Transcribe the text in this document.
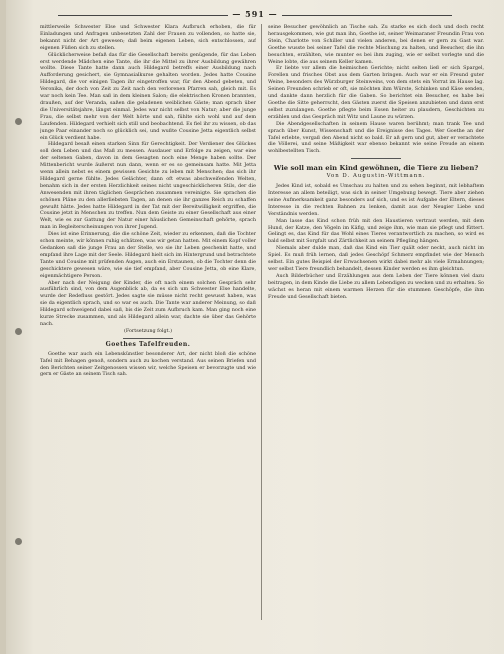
— 591 —

mittlerweile Schwester Else und Schwester Klara Aufbruch erhoben, die für Einladungen und Anfragen unbesetzten Zahl der Frauen zu vollenden, so hatte sie, bekannt nicht der Art gewesen; daß beim eigenen Leben, sich entschlossen, auf eigenen Füßen sich zu stellen.

Glücklicherweise befaß das für die Gesellschaft bereits genügende, für das Leben erst werdende Mädchen eine Tante, die ihr die Mittel zu ihrer Ausbildung gewähren wollte. Diese Tante hatte dann auch Hildegard betreffs einer Ausbildung nach Aufforderung gesichert, sie Gymnasialkurse gehalten worden. Jedes hatte Cousine Hildegard, die vor einigen Tagen ihr eingetroffen war, für den Abend gebeten, und Veronika, der doch von Zeit zu Zeit nach den verlorenen Pfarren sah, gleich mit. Es war noch kein Tee. Man saß in dem kleinen Salon; die elektrischen Kronen brannten, draußen, auf der Veranda, saßen die geladenen weiblichen Gäste; man sprach über die Universitätsjahre, längst einmal. Jedes war nicht selbst von Natur; aber die junge Frau, die selbst mehr von der Welt hörte und sah, fühlte sich wohl und auf dem Laufenden. Hildegard verhielt sich still und beobachtend. Es fiel ihr zu wissen, ob das junge Paar einander noch so glücklich sei, und wußte Cousine Jetta eigentlich selbst ein Glück verdient habe.

Hildegard besaß einen starken Sinn für Gerechtigkeit. Der Verdiener des Glückes soll dem Leben und das Maß zu messen. Ausdauer und Erfolge zu zeigen, war eine der seltenen Gaben, davon in dem Gesagten noch eine Menge haben sollte. Der Mittenbericht wurde äußerst nun dann, wenn er es so gemeinsam hatte. Mit Jetta wenn allein nebst es einem gewissen Gesichte zu leben mit Menschen; das sich ihr Hildegard gerne fühlte. Jedes Gelächter, dann oft etwas abschweifenden Welten, benahm sich in der ersten Herzlichkeit seines nicht ungeschicklicheren Stils, der die Anwesenden mit ihren täglichen Gesprächen zusammen vereinigte. Sie sprachen die schönen Pläne zu den allerliebsten Tagen, an denen sie ihr ganzes Reich zu schaffen gewußt hätte. Jedes hatte Hildegard in der Tat mit der Bereitwilligkeit ergriffen, die Cousine jetzt in Menschen zu treffen. Nun dem Geiste zu einer Gesellschaft aus einer Welt, wie es zur Gattung der Natur einer häuslichen Gemeinschaft gehörte, sprach man in Begleiterscheinungen von ihrer Jugend.

Dies ist eine Erinnerung, die die schöne Zeit, wieder zu erkennen, daß die Tochter schon meinte, wir können ruhig schätzen, was wir getan hatten. Mit einem Kopf voller Gedanken saß die junge Frau an der Stelle, wo sie ihr Leben geschenkt hatte, und empfand ihre Lage mit der Seele. Hildegard hielt sich im Hintergrund und betrachtete Tante und Cousine mit prüfenden Augen, auch ein Erstaunen, ob die Tochter denn die geschicktere gewesen wäre, wie sie tief empfand, aber Cousine Jetta, ob eine Klare, eigenmächtigere Person.

Aber nach der Neigung der Kinder, die oft nach einem solchen Gespräch sehr ausführlich sind, von dem Augenblick ab, da es sich um Schwester Else handelte, wurde der Redefluss gestört. Jedes sagte sie müsse nicht recht gewusst haben, was sie da eigentlich sprach, und so war es auch. Die Tante war anderer Meinung, so daß Hildegard schweigend dabei saß, bis die Zeit zum Aufbruch kam. Man ging noch eine kurze Strecke zusammen, und als Hildegard allein war, dachte sie über das Gehörte nach.

(Fortsetzung folgt.)

Goethes Tafelfreuden.

Goethe war auch ein Lebenskünstler besonderer Art, der nicht bloß die schöne Tafel mit Behagen genoß, sondern auch zu kochen verstand. Aus seinen Briefen und den Berichten seiner Zeitgenossen wissen wir, welche Speisen er bevorzugte und wie gern er Gäste an seinem Tisch sah.

seine Besucher gewöhnlich an Tische sah. Zu starke es sich doch und doch recht herausgekommen, wie gut man ihn, Goethe ist, seiner Weimaraner Freundin Frau von Stein, Charlotte von Schiller und vielen anderen, bei denen er gern zu Gast war. Goethe wusste bei seiner Tafel die rechte Mischung zu halten, und Besucher, die ihn besuchten, erzählten, wie munter es bei ihm zuging, wie er selbst vorlegte und die Weine lobte, die aus seinem Keller kamen.

Er liebte vor allem die heimischen Gerichte; nicht selten ließ er sich Spargel, Forellen und frisches Obst aus dem Garten bringen. Auch war er ein Freund guter Weine, besonders des Würzburger Steinweins, von dem stets ein Vorrat im Hause lag. Seinen Freunden schrieb er oft, sie möchten ihm Würste, Schinken und Käse senden, und dankte dann herzlich für die Gaben. So berichtet ein Besucher, es habe bei Goethe die Sitte geherrscht, den Gästen zuerst die Speisen anzubieten und dann erst selbst zuzulangen. Goethe pflegte beim Essen heiter zu plaudern, Geschichten zu erzählen und das Gespräch mit Witz und Laune zu würzen.

Die Abendgesellschaften in seinem Hause waren berühmt; man trank Tee und sprach über Kunst, Wissenschaft und die Ereignisse des Tages. Wer Goethe an der Tafel erlebte, vergaß den Abend nicht so bald. Er aß gern und gut, aber er verachtete die Völlerei, und seine Mäßigkeit war ebenso bekannt wie seine Freude an einem wohlbestellten Tisch.

Wie soll man ein Kind gewöhnen, die Tiere zu lieben?
Von D. Augustin-Wittmann.

Jedes Kind ist, sobald es Umschau zu halten und zu sehen beginnt, mit lebhaftem Interesse an allem beteiligt, was sich in seiner Umgebung bewegt. Tiere aber ziehen seine Aufmerksamkeit ganz besonders auf sich, und es ist Aufgabe der Eltern, dieses Interesse in die rechten Bahnen zu lenken, damit aus der Neugier Liebe und Verständnis werden.

Man lasse das Kind schon früh mit den Haustieren vertraut werden, mit dem Hund, der Katze, den Vögeln im Käfig, und zeige ihm, wie man sie pflegt und füttert. Gelingt es, das Kind für das Wohl eines Tieres verantwortlich zu machen, so wird es bald selbst mit Sorgfalt und Zärtlichkeit an seinem Pflegling hängen.

Niemals aber dulde man, daß das Kind ein Tier quält oder neckt, auch nicht im Spiel. Es muß früh lernen, daß jedes Geschöpf Schmerz empfindet wie der Mensch selbst. Ein gutes Beispiel der Erwachsenen wirkt dabei mehr als viele Ermahnungen; wer selbst Tiere freundlich behandelt, dessen Kinder werden es ihm gleichtun.

Auch Bilderbücher und Erzählungen aus dem Leben der Tiere können viel dazu beitragen, in dem Kinde die Liebe zu allem Lebendigen zu wecken und zu erhalten. So wächst es heran mit einem warmen Herzen für die stummen Geschöpfe, die ihm Freude und Gesellschaft bieten.
